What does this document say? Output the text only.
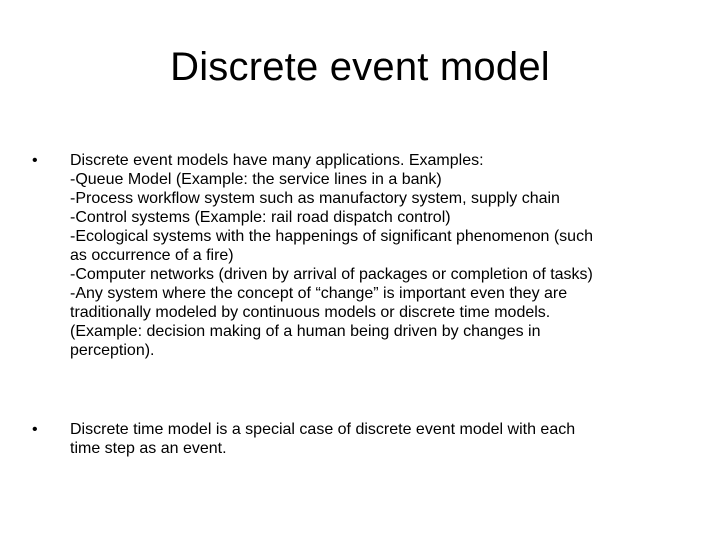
Discrete event model
•	Discrete event models have many applications. Examples:
-Queue Model (Example: the service lines in a bank)
-Process workflow system such as manufactory system, supply chain
-Control systems (Example: rail road dispatch control)
-Ecological systems with the happenings of significant phenomenon (such
as occurrence of a fire)
-Computer networks (driven by arrival of packages or completion of tasks)
-Any system where the concept of “change” is important even they are
traditionally modeled by continuous models or discrete time models.
(Example: decision making of a human being driven by changes in
perception).
•	Discrete time model is a special case of discrete event model with each
time step as an event.
